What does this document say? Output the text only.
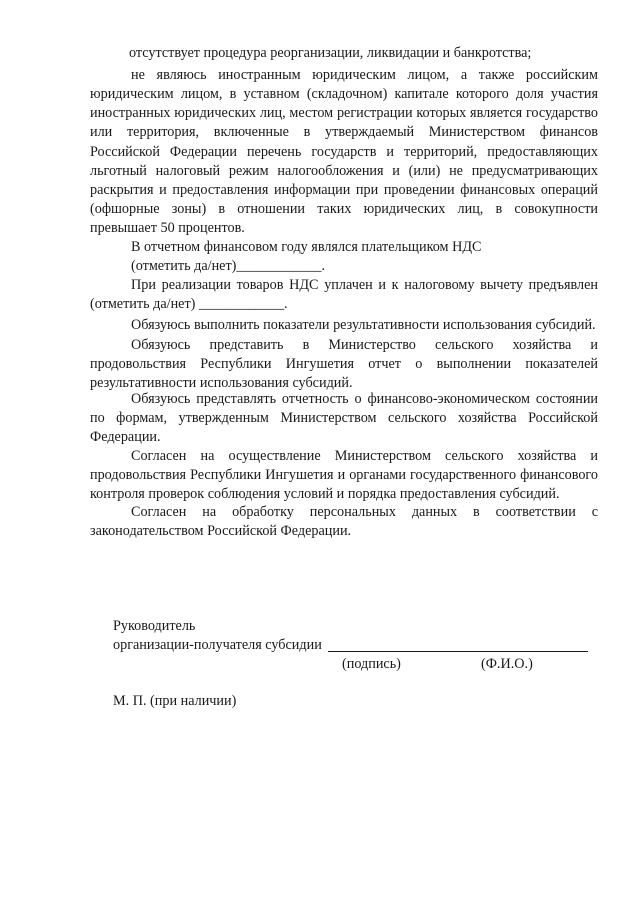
отсутствует процедура реорганизации, ликвидации и банкротства;

не являюсь иностранным юридическим лицом, а также российским

юридическим лицом, в уставном (складочном) капитале которого доля участия иностранных юридических лиц, местом регистрации которых является государство или территория, включенные в утверждаемый Министерством финансов Российской Федерации перечень государств и территорий, предоставляющих льготный налоговый режим налогообложения и (или) не предусматривающих раскрытия и предоставления информации при проведении финансовых операций (офшорные зоны) в отношении таких юридических лиц, в совокупности превышает 50 процентов.

В отчетном финансовом году являлся плательщиком НДС

(отметить да/нет)____________.

При реализации товаров НДС уплачен и к налоговому вычету предъявлен

(отметить да/нет) ____________.

Обязуюсь выполнить показатели результативности использования субсидий.

Обязуюсь представить в Министерство сельского хозяйства и

продовольствия Республики Ингушетия отчет о выполнении показателей результативности использования субсидий.

Обязуюсь представлять отчетность о финансово-экономическом состоянии

по формам, утвержденным Министерством сельского хозяйства Российской Федерации.

Согласен на осуществление Министерством сельского хозяйства и

продовольствия Республики Ингушетия и органами государственного финансового контроля проверок соблюдения условий и порядка предоставления субсидий.

Согласен на обработку персональных данных в соответствии с

законодательством Российской Федерации.

Руководитель

организации-получателя субсидии

(подпись)	(Ф.И.О.)

М. П. (при наличии)
